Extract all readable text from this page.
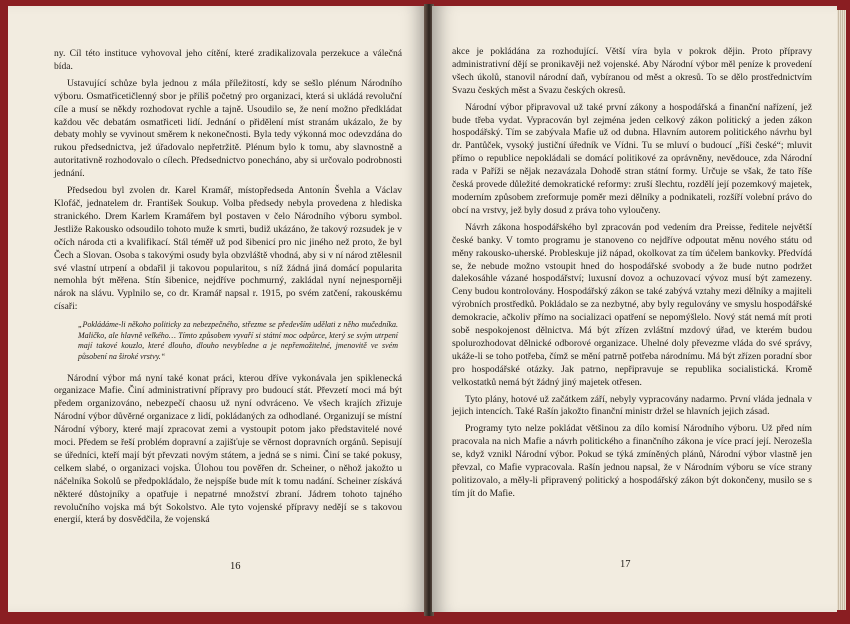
ny. Cíl této instituce vyhovoval jeho cítění, které zradikalizovala perzekuce a válečná bída.

Ustavující schůze byla jednou z mála příležitostí, kdy se sešlo plénum Národního výboru. Osmatřicetičlenný sbor je příliš početný pro organizaci, která si ukládá revoluční cíle a musí se někdy rozhodovat rychle a tajně. Usoudilo se, že není možno předkládat každou věc debatám osmatřiceti lidí. Jednání o přidělení míst stranám ukázalo, že by debaty mohly se vyvinout směrem k nekonečnosti. Byla tedy výkonná moc odevzdána do rukou předsednictva, jež úřadovalo nepřetržitě. Plénum bylo k tomu, aby slavnostně a autoritativně rozhodovalo o cílech. Předsednictvo ponecháno, aby si určovalo podrobnosti jednání.

Předsedou byl zvolen dr. Karel Kramář, místopředseda Antonín Švehla a Václav Klofáč, jednatelem dr. František Soukup. Volba předsedy nebyla provedena z hlediska stranického. Drem Karlem Kramářem byl postaven v čelo Národního výboru symbol. Jestliže Rakousko odsoudilo tohoto muže k smrti, budiž ukázáno, že takový rozsudek je v očích národa cti a kvalifikací. Stál téměř už pod šibenicí pro nic jiného než proto, že byl Čech a Slovan. Osoba s takovými osudy byla obzvláště vhodná, aby si v ní národ ztělesnil své vlastní utrpení a obdařil ji takovou popularitou, s níž žádná jiná domácí popularita nemohla být měřena. Stín šibenice, nejdříve pochmurný, zakládal nyní nejnesporněji nárok na slávu. Vyplnilo se, co dr. Kramář napsal r. 1915, po svém zatčení, rakouskému císaři:

„Pokládáme-li někoho politicky za nebezpečného, střezme se především udělati z něho mučedníka. Maličko, ale hlavně velkého… Tímto způsobem vyvaří si státní moc odpůrce, který se svým utrpení mají takové kouzlo, které dlouho, dlouho nevybledne a je nepřemožitelné, jmenovitě ve svém působení na široké vrstvy.“

Národní výbor má nyní také konat práci, kterou dříve vykonávala jen spiklenecká organizace Mafie. Činí administrativní přípravy pro budoucí stát. Převzetí moci má být předem organizováno, nebezpečí chaosu už nyní odvrácenо. Ve všech krajích zřizuje Národní výbor důvěrné organizace z lidí, pokládaných za odhodlané. Organizují se místní Národní výbory, které mají zpracovat zemi a vystoupit potom jako představitelé nové moci. Předem se řeší problém dopravní a zajišťuje se věrnost dopravních orgánů. Sepisují se úředníci, kteří mají být převzati novým státem, a jedná se s nimi. Činí se také pokusy, celkem slabé, o organizaci vojska. Úlohou tou pověřen dr. Scheiner, o něhož jakožto u náčelníka Sokolů se předpokládalo, že nejspíše bude mít k tomu nadání. Scheiner získává některé důstojníky a opatřuje i nepatrné množství zbraní. Jádrem tohoto tajného revolučního vojska má být Sokolstvo. Ale tyto vojenské přípravy nedějí se s takovou energií, která by dosvědčila, že vojenská

16

akce je pokládána za rozhodující. Větší víra byla v pokrok dějin. Proto přípravy administrativní dějí se pronikavěji než vojenské. Aby Národní výbor měl peníze k provedení všech úkolů, stanovil národní daň, vybíranou od měst a okresů. To se dělo prostřednictvím Svazu českých měst a Svazu českých okresů.

Národní výbor připravoval už také první zákony a hospodářská a finanční nařízení, jež bude třeba vydat. Vypracován byl zejména jeden celkový zákon politický a jeden zákon hospodářský. Tím se zabývala Mafie už od dubna. Hlavním autorem politického návrhu byl dr. Pantůček, vysoký justiční úředník ve Vídni. Tu se mluví o budoucí „říši české“; mluvit přímo o republice nepokládali se domácí politikové za oprávněny, nevědouce, zda Národní rada v Paříži se nějak nezavázala Dohodě stran státní formy. Určuje se však, že tato říše česká provede důležité demokratické reformy: zruší šlechtu, rozdělí její pozemkový majetek, moderním způsobem zreformuje poměr mezi dělníky a podnikateli, rozšíří volební právo do obcí na vrstvy, jež byly dosud z práva toho vyloučeny.

Návrh zákona hospodářského byl zpracován pod vedením dra Preisse, ředitele největší české banky. V tomto programu je stanoveno co nejdříve odpoutat měnu nového státu od měny rakousko-uherské. Probleskuje již nápad, okolkovat za tím účelem bankovky. Předvídá se, že nebude možno vstoupit hned do hospodářské svobody a že bude nutno podržet dalekosáhle vázané hospodářství; luxusní dovoz a ochuzovací vývoz musí být zamezeny. Ceny budou kontrolovány. Hospodářský zákon se také zabývá vztahy mezi dělníky a majiteli výrobních prostředků. Pokládalo se za nezbytné, aby byly regulovány ve smyslu hospodářské demokracie, ačkoliv přímo na socializaci opatření se nepomýšlelo. Nový stát nemá mít proti sobě nespokojenost dělnictva. Má být zřízen zvláštní mzdový úřad, ve kterém budou spolurozhodovat dělnické odborové organizace. Uhelné doly převezme vláda do své správy, ukáže-li se toho potřeba, čímž se mění patrně potřeba národnímu. Má být zřízen poradní sbor pro hospodářské otázky. Jak patrno, nepřipravuje se republika socialistická. Kromě velkostatků nemá být žádný jiný majetek otřesen.

Tyto plány, hotové už začátkem září, nebyly vypracovány nadarmo. První vláda jednala v jejich intencích. Také Rašín jakožto finanční ministr držel se hlavních jejich zásad.

Programy tyto nelze pokládat většinou za dílo komisí Národního výboru. Už před ním pracovala na nich Mafie a návrh politického a finančního zákona je více prací její. Nerozešla se, když vznikl Národní výbor. Pokud se týká zmíněných plánů, Národní výbor vlastně jen převzal, co Mafie vypracovala. Rašín jednou napsal, že v Národním výboru se více strany politizovalo, a měly-li připravený politický a hospodářský zákon být dokončeny, musilo se s tím jít do Mafie.

17
